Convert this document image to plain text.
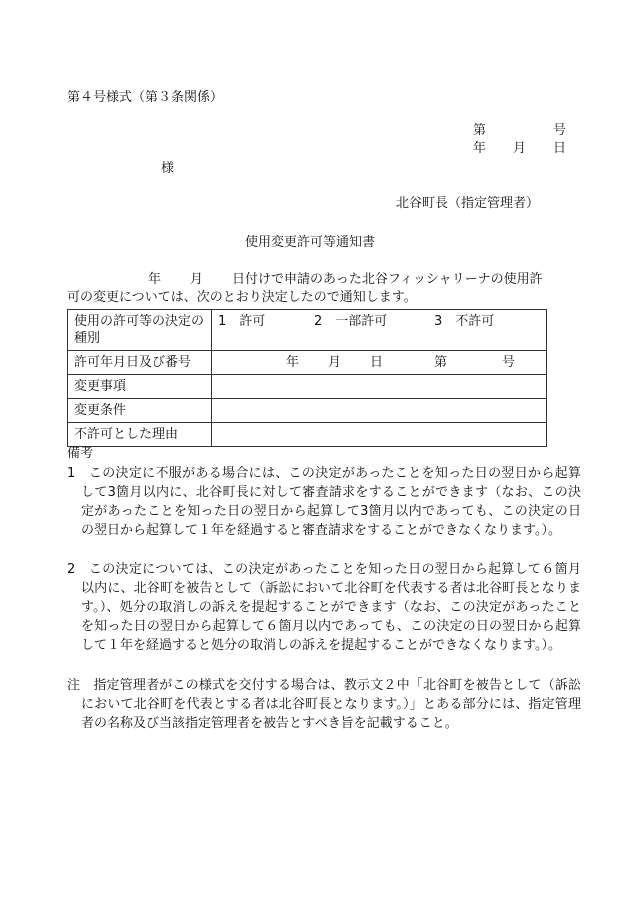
第４号様式（第３条関係）
第	号
年 月 日
様
北谷町長（指定管理者）
使用変更許可等通知書
年 月 日付けで申請のあった北谷フィッシャリーナの使用許
可の変更については、次のとおり決定したので通知します。
使用の許可等の決定の種別	1　許可 2　一部許可 3　不許可

許可年月日及び番号	年 月 日 第 号

変更事項	
変更条件	
不許可とした理由	
備考
1　この決定に不服がある場合には、この決定があったことを知った日の翌日から起算して3箇月以内に、北谷町長に対して審査請求をすることができます（なお、この決定があったことを知った日の翌日から起算して3箇月以内であっても、この決定の日の翌日から起算して１年を経過すると審査請求をすることができなくなります。）。
2　この決定については、この決定があったことを知った日の翌日から起算して６箇月以内に、北谷町を被告として（訴訟において北谷町を代表する者は北谷町長となります。）、処分の取消しの訴えを提起することができます（なお、この決定があったことを知った日の翌日から起算して６箇月以内であっても、この決定の日の翌日から起算して１年を経過すると処分の取消しの訴えを提起することができなくなります。）。
注　指定管理者がこの様式を交付する場合は、教示文２中「北谷町を被告として（訴訟において北谷町を代表とする者は北谷町長となります。）」とある部分には、指定管理者の名称及び当該指定管理者を被告とすべき旨を記載すること。
